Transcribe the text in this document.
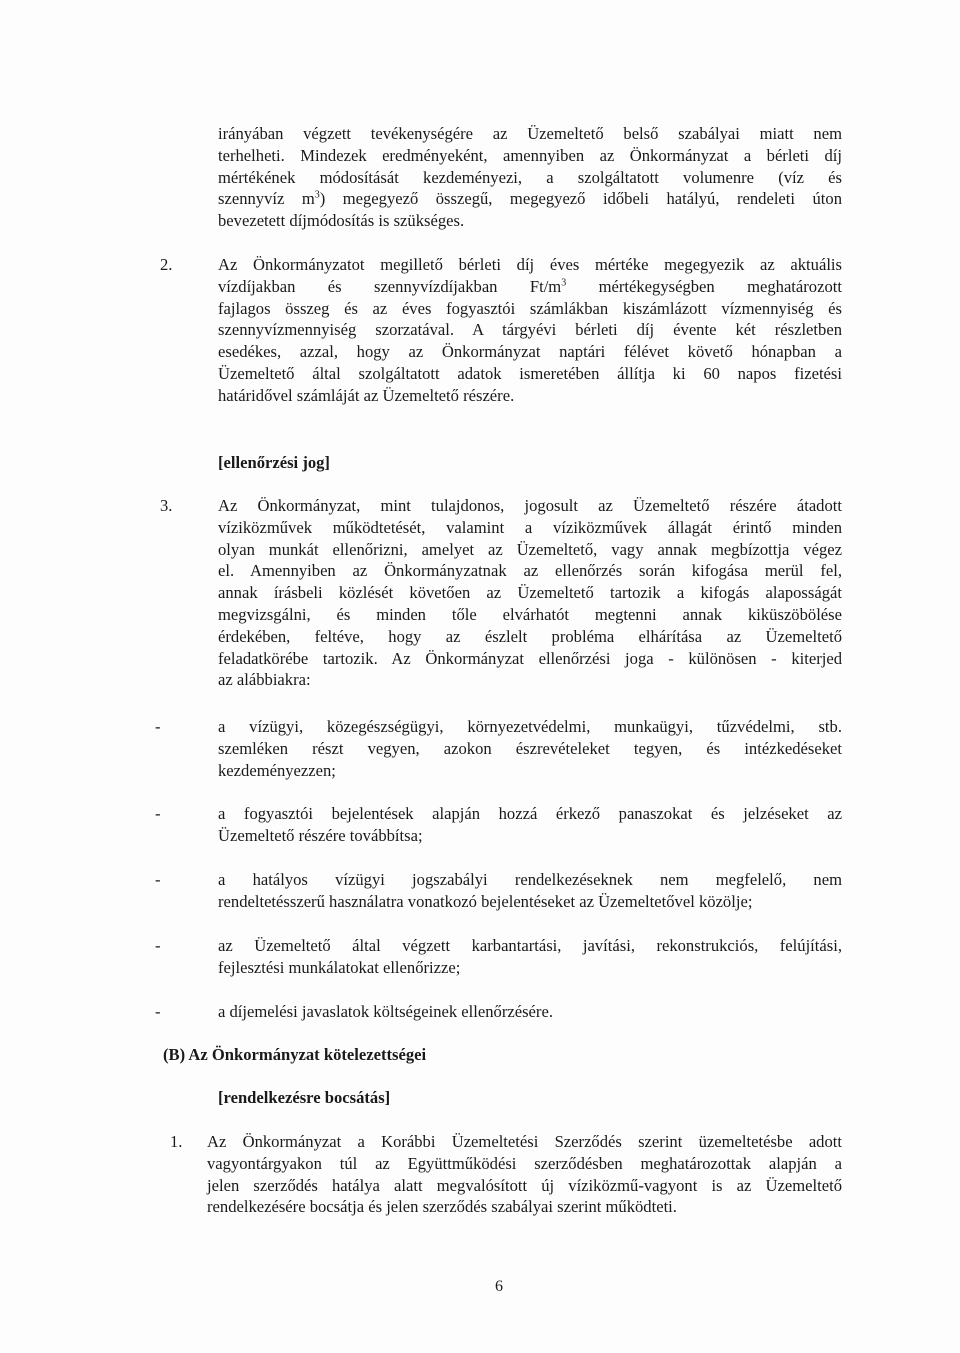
irányában végzett tevékenységére az Üzemeltető belső szabályai miatt nem
terhelheti. Mindezek eredményeként, amennyiben az Önkormányzat a bérleti díj
mértékének módosítását kezdeményezi, a szolgáltatott volumenre (víz és
szennyvíz $m^3$) megegyező összegű, megegyező időbeli hatályú, rendeleti úton
bevezetett díjmódosítás is szükséges.
2.	Az Önkormányzatot megillető bérleti díj éves mértéke megegyezik az aktuális
vízdíjakban és szennyvízdíjakban $Ft/m^3$ mértékegységben meghatározott
fajlagos összeg és az éves fogyasztói számlákban kiszámlázott vízmennyiség és
szennyvízmennyiség szorzatával. A tárgyévi bérleti díj évente két részletben
esedékes, azzal, hogy az Önkormányzat naptári félévet követő hónapban a
Üzemeltető által szolgáltatott adatok ismeretében állítja ki 60 napos fizetési
határidővel számláját az Üzemeltető részére.
[ellenőrzési jog]
3.	Az Önkormányzat, mint tulajdonos, jogosult az Üzemeltető részére átadott
víziközművek működtetését, valamint a víziközművek állagát érintő minden
olyan munkát ellenőrizni, amelyet az Üzemeltető, vagy annak megbízottja végez
el. Amennyiben az Önkormányzatnak az ellenőrzés során kifogása merül fel,
annak írásbeli közlését követően az Üzemeltető tartozik a kifogás alaposságát
megvizsgálni, és minden tőle elvárhatót megtenni annak kiküszöbölése
érdekében, feltéve, hogy az észlelt probléma elhárítása az Üzemeltető
feladatkörébe tartozik. Az Önkormányzat ellenőrzési joga - különösen - kiterjed
az alábbiakra:
-	a vízügyi, közegészségügyi, környezetvédelmi, munkaügyi, tűzvédelmi, stb.
szemléken részt vegyen, azokon észrevételeket tegyen, és intézkedéseket
kezdeményezzen;
-	a fogyasztói bejelentések alapján hozzá érkező panaszokat és jelzéseket az
Üzemeltető részére továbbítsa;
-	a hatályos vízügyi jogszabályi rendelkezéseknek nem megfelelő, nem
rendeltetésszerű használatra vonatkozó bejelentéseket az Üzemeltetővel közölje;
-	az Üzemeltető által végzett karbantartási, javítási, rekonstrukciós, felújítási,
fejlesztési munkálatokat ellenőrizze;
-	a díjemelési javaslatok költségeinek ellenőrzésére.
(B) Az Önkormányzat kötelezettségei
[rendelkezésre bocsátás]
1. Az Önkormányzat a Korábbi Üzemeltetési Szerződés szerint üzemeltetésbe adott
vagyontárgyakon túl az Együttműködési szerződésben meghatározottak alapján a
jelen szerződés hatálya alatt megvalósított új víziközmű-vagyont is az Üzemeltető
rendelkezésére bocsátja és jelen szerződés szabályai szerint működteti.
6
